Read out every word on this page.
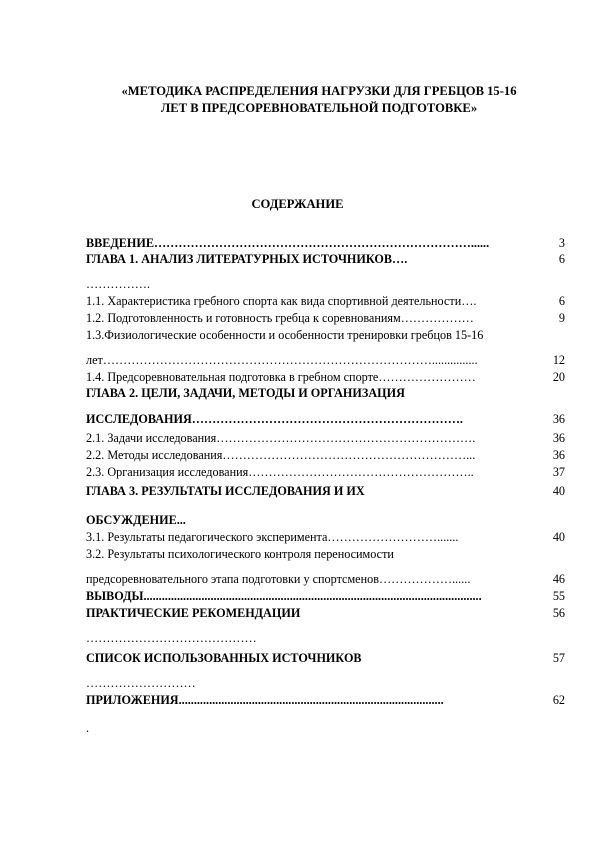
«МЕТОДИКА РАСПРЕДЕЛЕНИЯ НАГРУЗКИ ДЛЯ ГРЕБЦОВ 15-16
ЛЕТ В ПРЕДСОРЕВНОВАТЕЛЬНОЙ ПОДГОТОВКЕ»
СОДЕРЖАНИЕ
ВВЕДЕНИЕ……………………………………………………………………......	3
ГЛАВА 1. АНАЛИЗ ЛИТЕРАТУРНЫХ ИСТОЧНИКОВ….	6
…………….
1.1. Характеристика гребного спорта как вида спортивной деятельности….	6
1.2. Подготовленность и готовность гребца к соревнованиям………………	9
1.3.Физиологические особенности и особенности тренировки гребцов 15-16
лет………………………………………………………………………...............	12
1.4. Предсоревновательная подготовка в гребном спорте……………………	20
ГЛАВА 2. ЦЕЛИ, ЗАДАЧИ, МЕТОДЫ И ОРГАНИЗАЦИЯ
ИССЛЕДОВАНИЯ………………………………………………………….	36
2.1. Задачи исследования……………………………………………………….	36
2.2. Методы исследования……………………………………………………...	36
2.3. Организация исследования………………………………………………..	37
ГЛАВА 3. РЕЗУЛЬТАТЫ ИССЛЕДОВАНИЯ И ИХ	40
ОБСУЖДЕНИЕ...
3.1. Результаты педагогического эксперимента……………………….......	40
3.2. Результаты психологического контроля переносимости
предсоревновательного этапа подготовки у спортсменов………………......	46
ВЫВОДЫ...............................................................................................................	55
ПРАКТИЧЕСКИЕ РЕКОМЕНДАЦИИ	56
……………………………………
СПИСОК ИСПОЛЬЗОВАННЫХ ИСТОЧНИКОВ	57
………………………
ПРИЛОЖЕНИЯ.......................................................................................	62
.
